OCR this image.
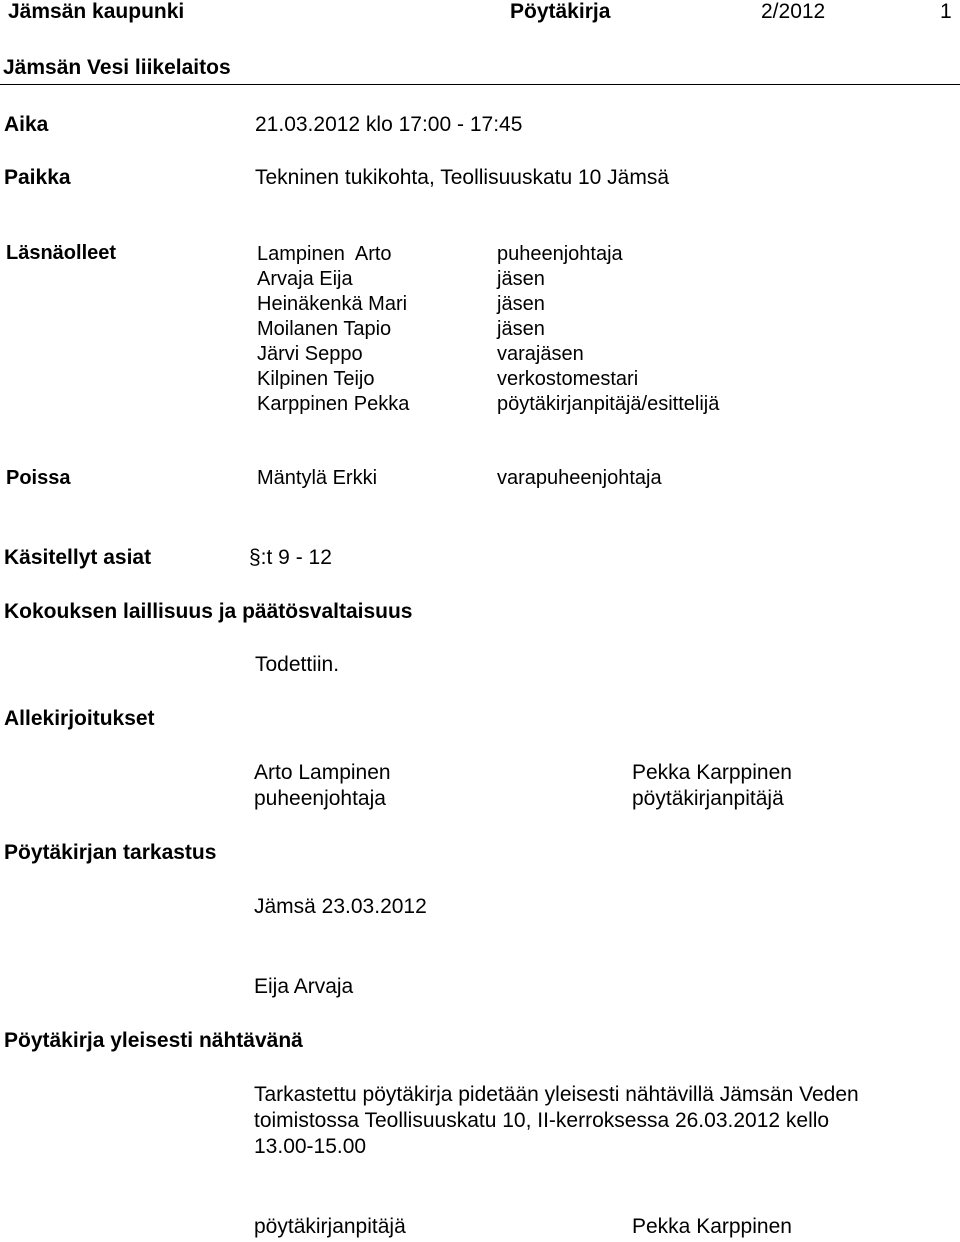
Jämsän kaupunki	Pöytäkirja	2/2012	1
Jämsän Vesi liikelaitos
Aika	21.03.2012 klo 17:00 - 17:45
Paikka	Tekninen tukikohta, Teollisuuskatu 10 Jämsä
Läsnäolleet	Lampinen  Arto	puheenjohtaja
Arvaja Eija	jäsen
Heinäkenkä Mari	jäsen
Moilanen Tapio	jäsen
Järvi Seppo	varajäsen
Kilpinen Teijo	verkostomestari
Karppinen Pekka	pöytäkirjanpitäjä/esittelijä
Poissa	Mäntylä Erkki	varapuheenjohtaja
Käsitellyt asiat	§:t 9 - 12
Kokouksen laillisuus ja päätösvaltaisuus
Todettiin.
Allekirjoitukset
Arto Lampinen
puheenjohtaja
Pekka Karppinen
pöytäkirjanpitäjä
Pöytäkirjan tarkastus
Jämsä 23.03.2012
Eija Arvaja
Pöytäkirja yleisesti nähtävänä
Tarkastettu pöytäkirja pidetään yleisesti nähtävillä Jämsän Veden
toimistossa Teollisuuskatu 10, II-kerroksessa 26.03.2012 kello
13.00-15.00
pöytäkirjanpitäjä	Pekka Karppinen
